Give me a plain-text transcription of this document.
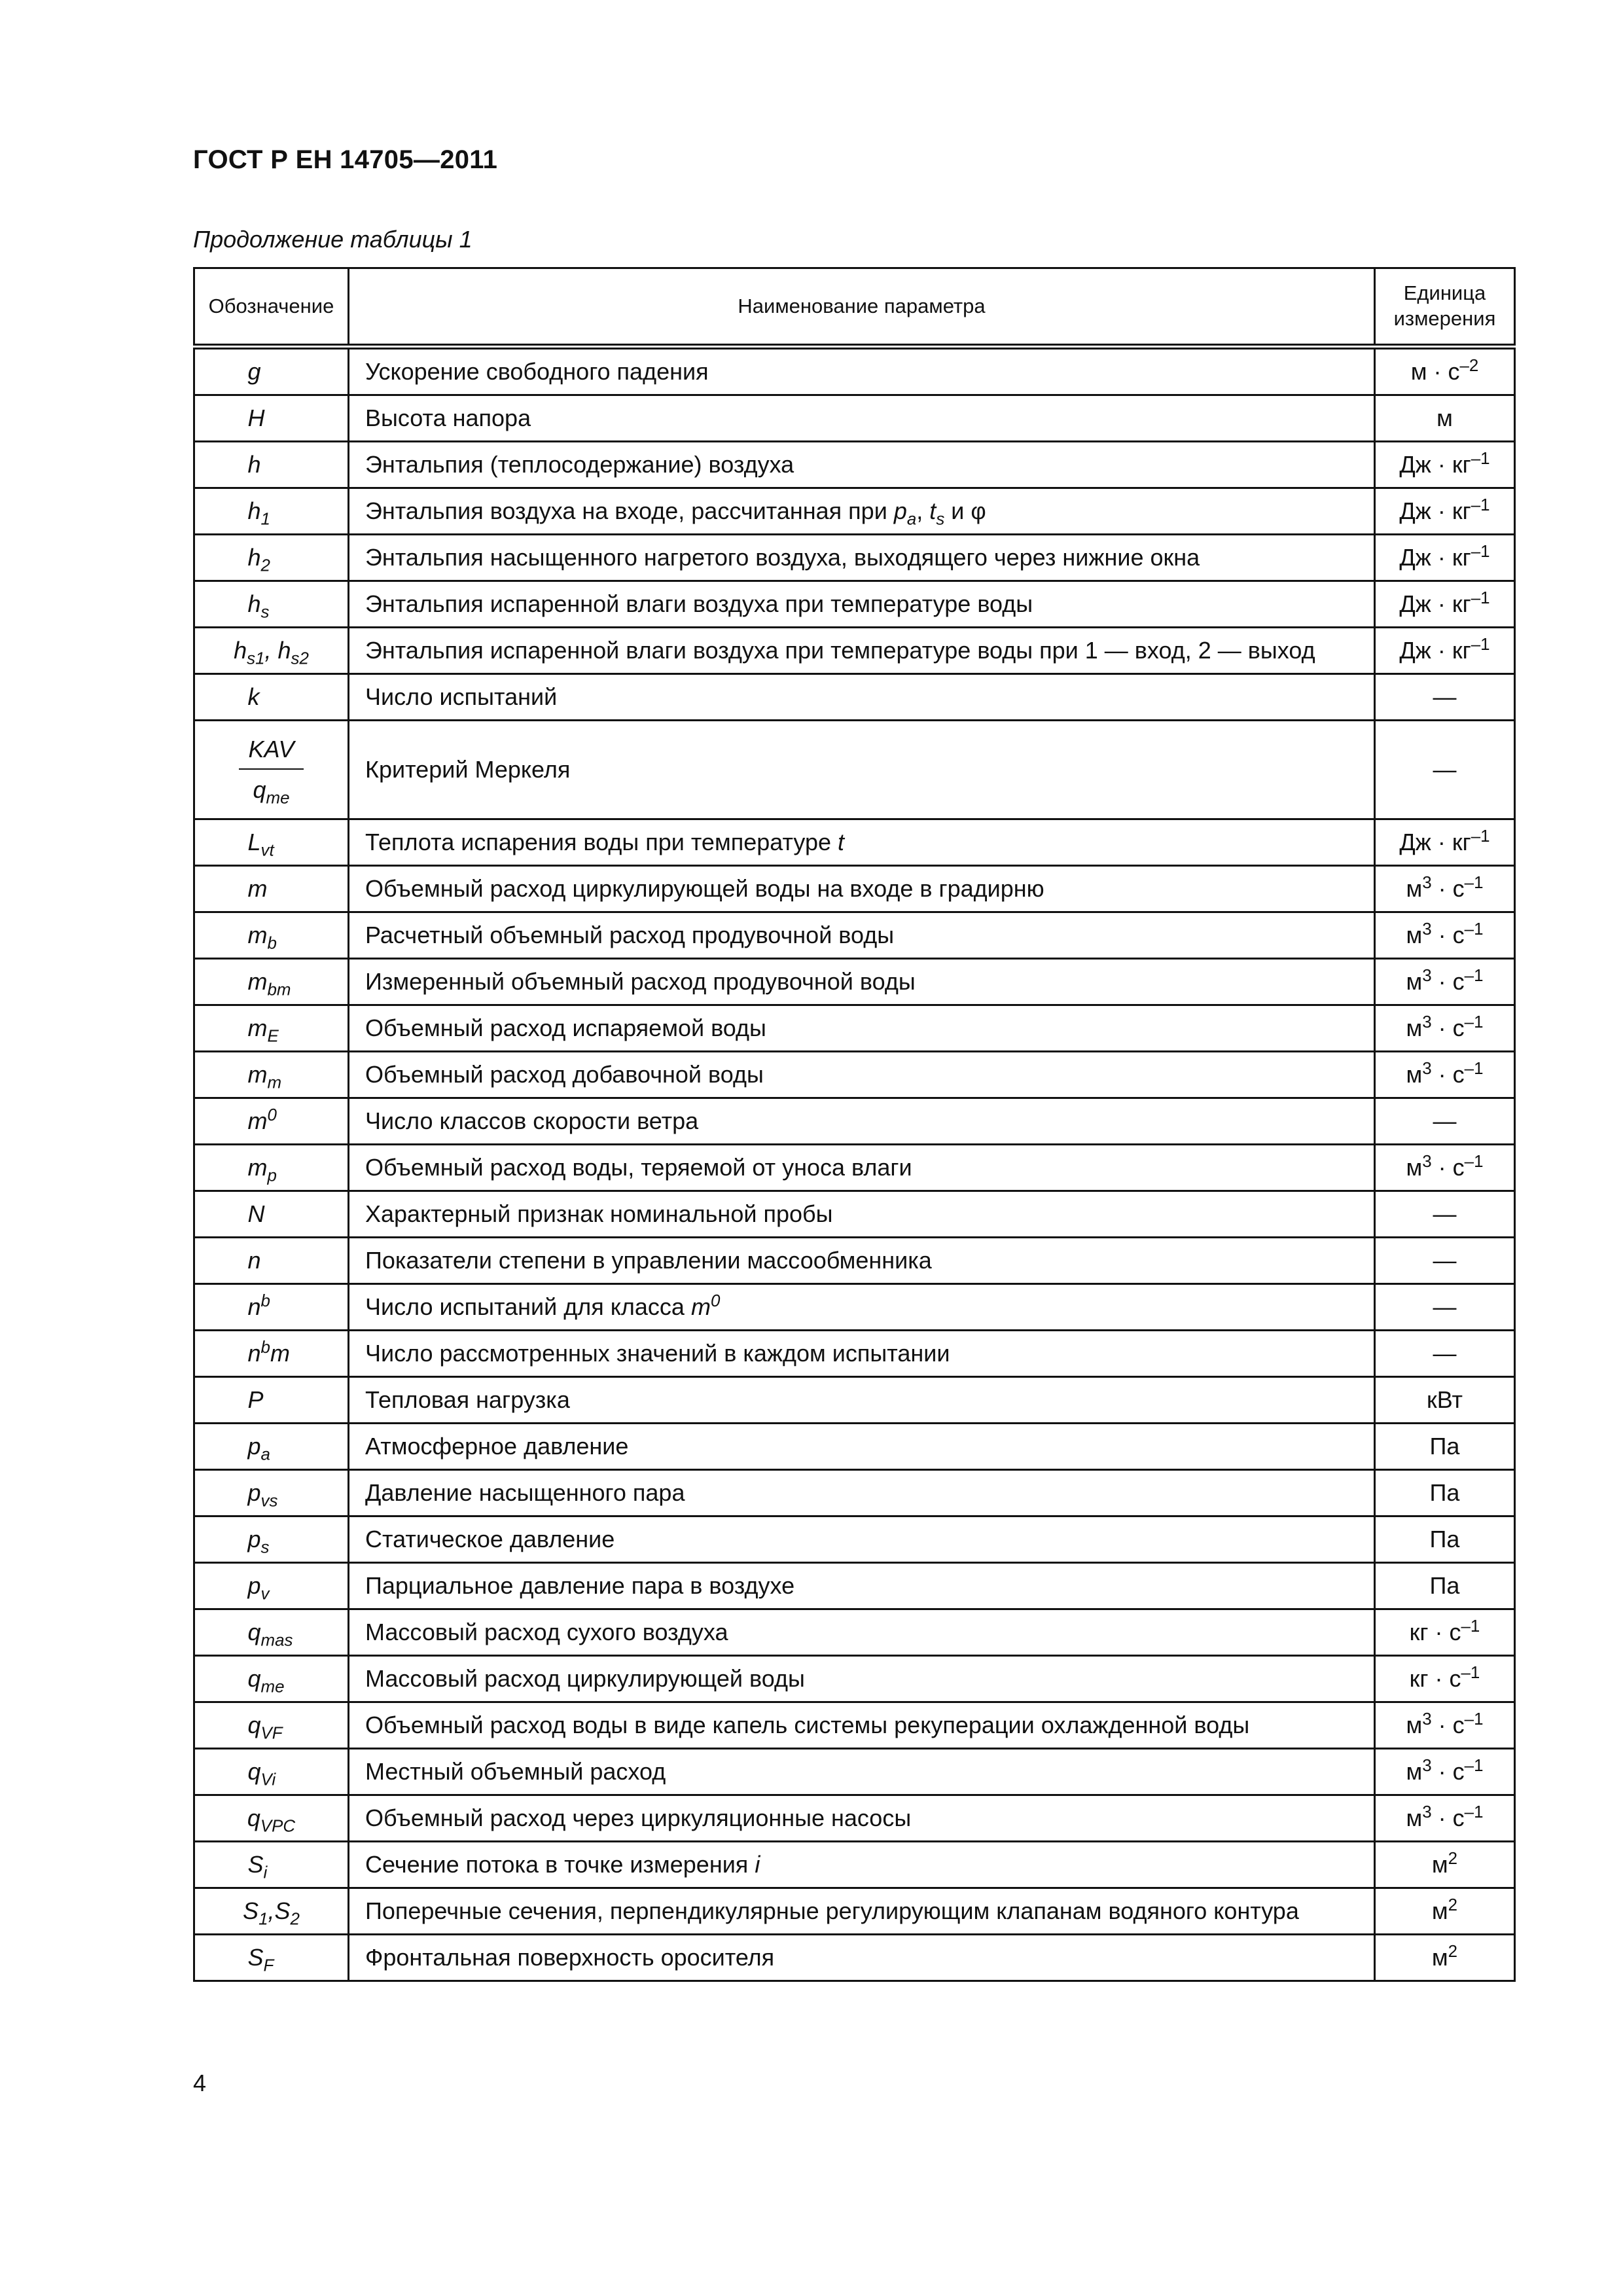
ГОСТ Р ЕН 14705—2011
Продолжение таблицы 1
Обозначение	Наименование параметра	Единица
измерения
g	Ускорение свободного падения	$м \cdot с^{-2}$
H	Высота напора	м
h	Энтальпия (теплосодержание) воздуха	Дж · $кг^{-1}$
$h_1$	Энтальпия воздуха на входе, рассчитанная при $p_a$, $t_s$ и φ	Дж · $кг^{-1}$
$h_2$	Энтальпия насыщенного нагретого воздуха, выходящего через нижние окна	Дж · $кг^{-1}$
$h_s$	Энтальпия испаренной влаги воздуха при температуре воды	Дж · $кг^{-1}$
$h_{s1}$, $h_{s2}$	Энтальпия испаренной влаги воздуха при температуре воды при 1 — вход, 2 — выход	Дж · $кг^{-1}$
k	Число испытаний	—

$\frac{\text{KAV}}{q_{me}}$	Критерий Меркеля	—
$L_{vt}$	Теплота испарения воды при температуре t	Дж · $кг^{-1}$
m	Объемный расход циркулирующей воды на входе в градирню	$м^3 \cdot с^{-1}$
$m_b$	Расчетный объемный расход продувочной воды	$м^3 \cdot с^{-1}$
$m_{bm}$	Измеренный объемный расход продувочной воды	$м^3 \cdot с^{-1}$
$m_E$	Объемный расход испаряемой воды	$м^3 \cdot с^{-1}$
$m_m$	Объемный расход добавочной воды	$м^3 \cdot с^{-1}$
$m^0$	Число классов скорости ветра	—
$m_p$	Объемный расход воды, теряемой от уноса влаги	$м^3 \cdot с^{-1}$
N	Характерный признак номинальной пробы	—
n	Показатели степени в управлении массообменника	—
$n^b$	Число испытаний для класса $m^0$	—
$n^bm$	Число рассмотренных значений в каждом испытании	—
P	Тепловая нагрузка	кВт
$p_a$	Атмосферное давление	Па
$p_{vs}$	Давление насыщенного пара	Па
$p_s$	Статическое давление	Па
$p_v$	Парциальное давление пара в воздухе	Па
$q_{mas}$	Массовый расход сухого воздуха	кг · $с^{-1}$
$q_{me}$	Массовый расход циркулирующей воды	кг · $с^{-1}$
$q_{VF}$	Объемный расход воды в виде капель системы рекуперации охлажденной воды	$м^3 \cdot с^{-1}$
$q_{Vi}$	Местный объемный расход	$м^3 \cdot с^{-1}$
$q_{VPC}$	Объемный расход через циркуляционные насосы	$м^3 \cdot с^{-1}$
$S_i$	Сечение потока в точке измерения i	$м^2$
$S_1,S_2$	Поперечные сечения, перпендикулярные регулирующим клапанам водяного контура	$м^2$
$S_F$	Фронтальная поверхность оросителя	$м^2$
4
